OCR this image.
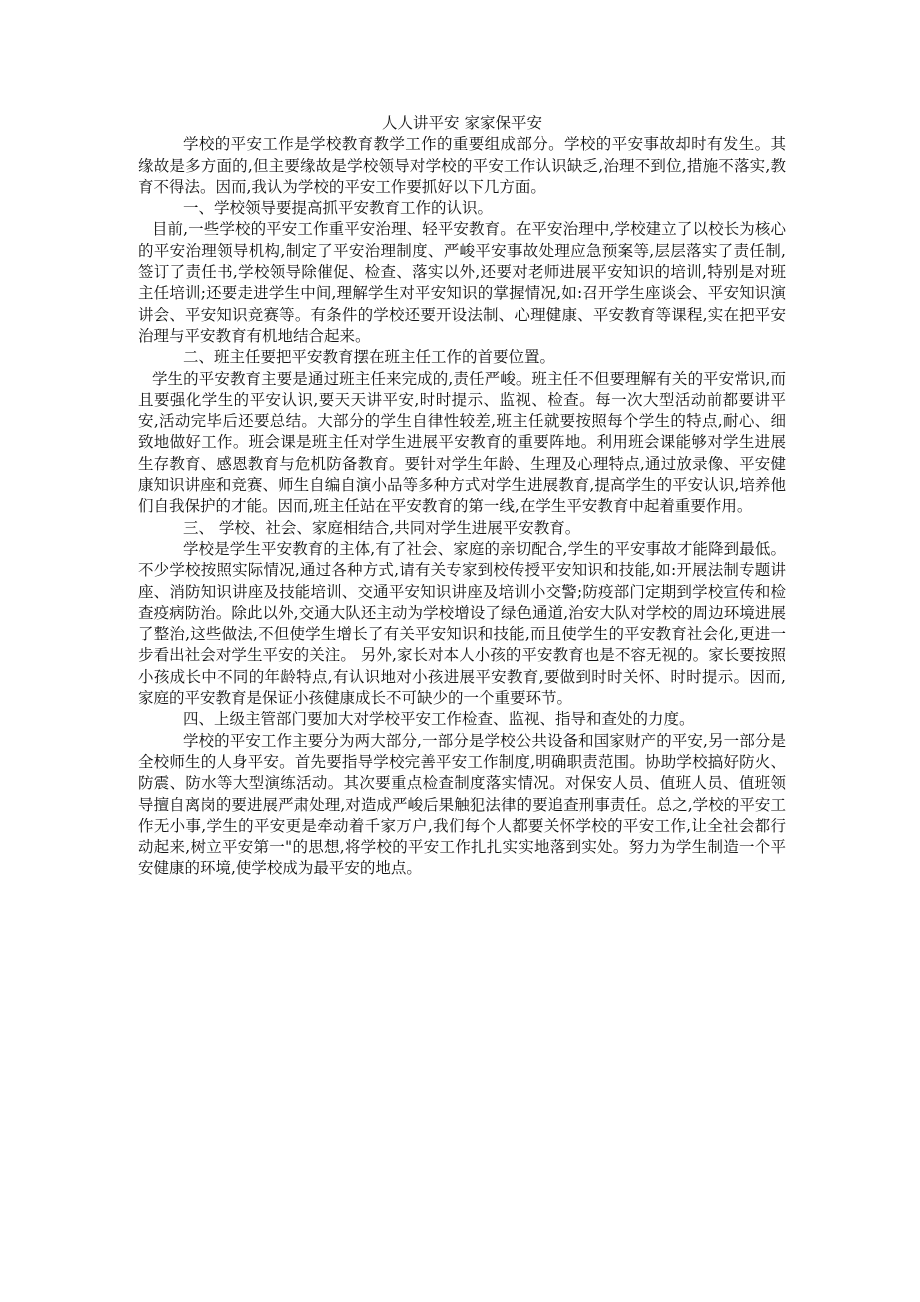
人人讲平安 家家保平安

学校的平安工作是学校教育教学工作的重要组成部分。学校的平安事故却时有发生。其缘故是多方面的,但主要缘故是学校领导对学校的平安工作认识缺乏,治理不到位,措施不落实,教育不得法。因而,我认为学校的平安工作要抓好以下几方面。

一、学校领导要提高抓平安教育工作的认识。

目前,一些学校的平安工作重平安治理、轻平安教育。在平安治理中,学校建立了以校长为核心的平安治理领导机构,制定了平安治理制度、严峻平安事故处理应急预案等,层层落实了责任制,签订了责任书,学校领导除催促、检查、落实以外,还要对老师进展平安知识的培训,特别是对班主任培训;还要走进学生中间,理解学生对平安知识的掌握情况,如:召开学生座谈会、平安知识演讲会、平安知识竞赛等。有条件的学校还要开设法制、心理健康、平安教育等课程,实在把平安治理与平安教育有机地结合起来。

二、班主任要把平安教育摆在班主任工作的首要位置。

学生的平安教育主要是通过班主任来完成的,责任严峻。班主任不但要理解有关的平安常识,而且要强化学生的平安认识,要天天讲平安,时时提示、监视、检查。每一次大型活动前都要讲平安,活动完毕后还要总结。大部分的学生自律性较差,班主任就要按照每个学生的特点,耐心、细致地做好工作。班会课是班主任对学生进展平安教育的重要阵地。利用班会课能够对学生进展生存教育、感恩教育与危机防备教育。要针对学生年龄、生理及心理特点,通过放录像、平安健康知识讲座和竞赛、师生自编自演小品等多种方式对学生进展教育,提高学生的平安认识,培养他们自我保护的才能。因而,班主任站在平安教育的第一线,在学生平安教育中起着重要作用。

三、 学校、社会、家庭相结合,共同对学生进展平安教育。

学校是学生平安教育的主体,有了社会、家庭的亲切配合,学生的平安事故才能降到最低。不少学校按照实际情况,通过各种方式,请有关专家到校传授平安知识和技能,如:开展法制专题讲座、消防知识讲座及技能培训、交通平安知识讲座及培训小交警;防疫部门定期到学校宣传和检查疫病防治。除此以外,交通大队还主动为学校增设了绿色通道,治安大队对学校的周边环境进展了整治,这些做法,不但使学生增长了有关平安知识和技能,而且使学生的平安教育社会化,更进一步看出社会对学生平安的关注。 另外,家长对本人小孩的平安教育也是不容无视的。家长要按照小孩成长中不同的年龄特点,有认识地对小孩进展平安教育,要做到时时关怀、时时提示。因而,家庭的平安教育是保证小孩健康成长不可缺少的一个重要环节。

四、上级主管部门要加大对学校平安工作检查、监视、指导和查处的力度。

学校的平安工作主要分为两大部分,一部分是学校公共设备和国家财产的平安,另一部分是全校师生的人身平安。首先要指导学校完善平安工作制度,明确职责范围。协助学校搞好防火、防震、防水等大型演练活动。其次要重点检查制度落实情况。对保安人员、值班人员、值班领导擅自离岗的要进展严肃处理,对造成严峻后果触犯法律的要追查刑事责任。总之,学校的平安工作无小事,学生的平安更是牵动着千家万户,我们每个人都要关怀学校的平安工作,让全社会都行动起来,树立平安第一"的思想,将学校的平安工作扎扎实实地落到实处。努力为学生制造一个平安健康的环境,使学校成为最平安的地点。
